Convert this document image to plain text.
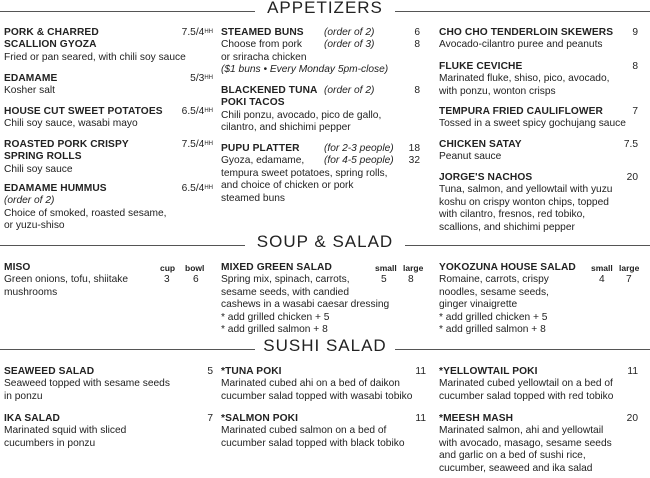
APPETIZERS
PORK & CHARRED
SCALLION GYOZA
$7.5/4^{HH}$
Fried or pan seared, with chili soy sauce
EDAMAME	$5/3^{HH}$
Kosher salt
HOUSE CUT SWEET POTATOES	$6.5/4^{HH}$
Chili soy sauce, wasabi mayo
ROASTED PORK CRISPY
SPRING ROLLS
$7.5/4^{HH}$
Chili soy sauce
EDAMAME HUMMUS	$6.5/4^{HH}$
(order of 2)
Choice of smoked, roasted sesame,
or yuzu-shiso
STEAMED BUNS (order of 2)	6
Choose from pork (order of 3)	8
or sriracha chicken
($1 buns • Every Monday 5pm-close)
BLACKENED TUNA (order of 2)	8
POKI TACOS
Chili ponzu, avocado, pico de gallo,
cilantro, and shichimi pepper
PUPU PLATTER (for 2-3 people) 18
Gyoza, edamame, (for 4-5 people) 32
tempura sweet potatoes, spring rolls,
and choice of chicken or pork
steamed buns
CHO CHO TENDERLOIN SKEWERS	9
Avocado-cilantro puree and peanuts
FLUKE CEVICHE	8
Marinated fluke, shiso, pico, avocado,
with ponzu, wonton crisps
TEMPURA FRIED CAULIFLOWER	7
Tossed in a sweet spicy gochujang sauce
CHICKEN SATAY	7.5
Peanut sauce
JORGE'S NACHOS	20
Tuna, salmon, and yellowtail with yuzu
koshu on crispy wonton chips, topped
with cilantro, fresnos, red tobiko,
scallions, and shichimi pepper
SOUP & SALAD
MISO	cup bowl
3 6
Green onions, tofu, shiitake
mushrooms
MIXED GREEN SALAD	small large
5 8
Spring mix, spinach, carrots,
sesame seeds, with candied
cashews in a wasabi caesar dressing
* add grilled chicken + 5
* add grilled salmon + 8
YOKOZUNA HOUSE SALAD	small large
4 7
Romaine, carrots, crispy
noodles, sesame seeds,
ginger vinaigrette
* add grilled chicken + 5
* add grilled salmon + 8
SUSHI SALAD
SEAWEED SALAD	5
Seaweed topped with sesame seeds
in ponzu
IKA SALAD	7
Marinated squid with sliced
cucumbers in ponzu
*TUNA POKI	11
Marinated cubed ahi on a bed of daikon
cucumber salad topped with wasabi tobiko
*SALMON POKI	11
Marinated cubed salmon on a bed of
cucumber salad topped with black tobiko
*YELLOWTAIL POKI	11
Marinated cubed yellowtail on a bed of
cucumber salad topped with red tobiko
*MEESH MASH	20
Marinated salmon, ahi and yellowtail
with avocado, masago, sesame seeds
and garlic on a bed of sushi rice,
cucumber, seaweed and ika salad
